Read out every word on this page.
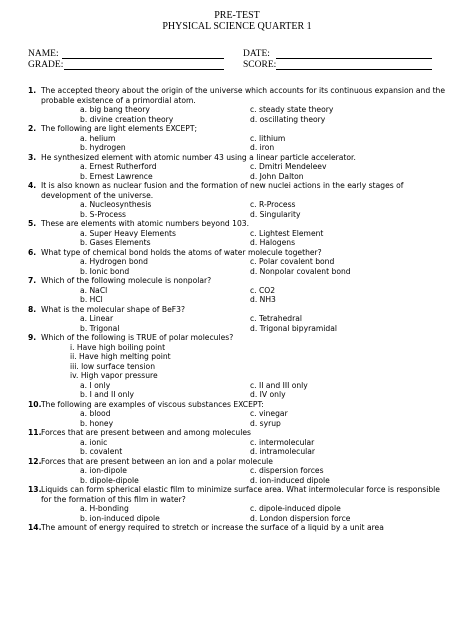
PRE-TEST
PHYSICAL SCIENCE QUARTER 1
NAME:	DATE:
GRADE:	SCORE:
1. The accepted theory about the origin of the universe which accounts for its continuous expansion and the probable existence of a primordial atom.
a. big bang theory	c. steady state theory
b. divine creation theory	d. oscillating theory
2. The following are light elements EXCEPT;
a. helium	c. lithium
b. hydrogen	d. iron
3. He synthesized element with atomic number 43 using a linear particle accelerator.
a. Ernest Rutherford	c. Dmitri Mendeleev
b. Ernest Lawrence	d. John Dalton
4. It is also known as nuclear fusion and the formation of new nuclei actions in the early stages of development of the universe.
a. Nucleosynthesis	c. R-Process
b. S-Process	d. Singularity
5. These are elements with atomic numbers beyond 103.
a. Super Heavy Elements	c. Lightest Element
b. Gases Elements	d. Halogens
6. What type of chemical bond holds the atoms of water molecule together?
a. Hydrogen bond	c. Polar covalent bond
b. Ionic bond	d. Nonpolar covalent bond
7. Which of the following molecule is nonpolar?
a. NaCl	c. CO2
b. HCl	d. NH3
8. What is the molecular shape of BeF3?
a. Linear	c. Tetrahedral
b. Trigonal	d. Trigonal bipyramidal
9. Which of the following is TRUE of polar molecules?
i. Have high boiling point
ii. Have high melting point
iii. low surface tension
iv. High vapor pressure
a. I only	c. II and III only
b. I and II only	d. IV only
10. The following are examples of viscous substances EXCEPT:
a. blood	c. vinegar
b. honey	d. syrup
11. Forces that are present between and among molecules
a. ionic	c. intermolecular
b. covalent	d. intramolecular
12. Forces that are present between an ion and a polar molecule
a. ion-dipole	c. dispersion forces
b. dipole-dipole	d. ion-induced dipole
13. Liquids can form spherical elastic film to minimize surface area. What intermolecular force is responsible for the formation of this film in water?
a. H-bonding	c. dipole-induced dipole
b. ion-induced dipole	d. London dispersion force
14. The amount of energy required to stretch or increase the surface of a liquid by a unit area
